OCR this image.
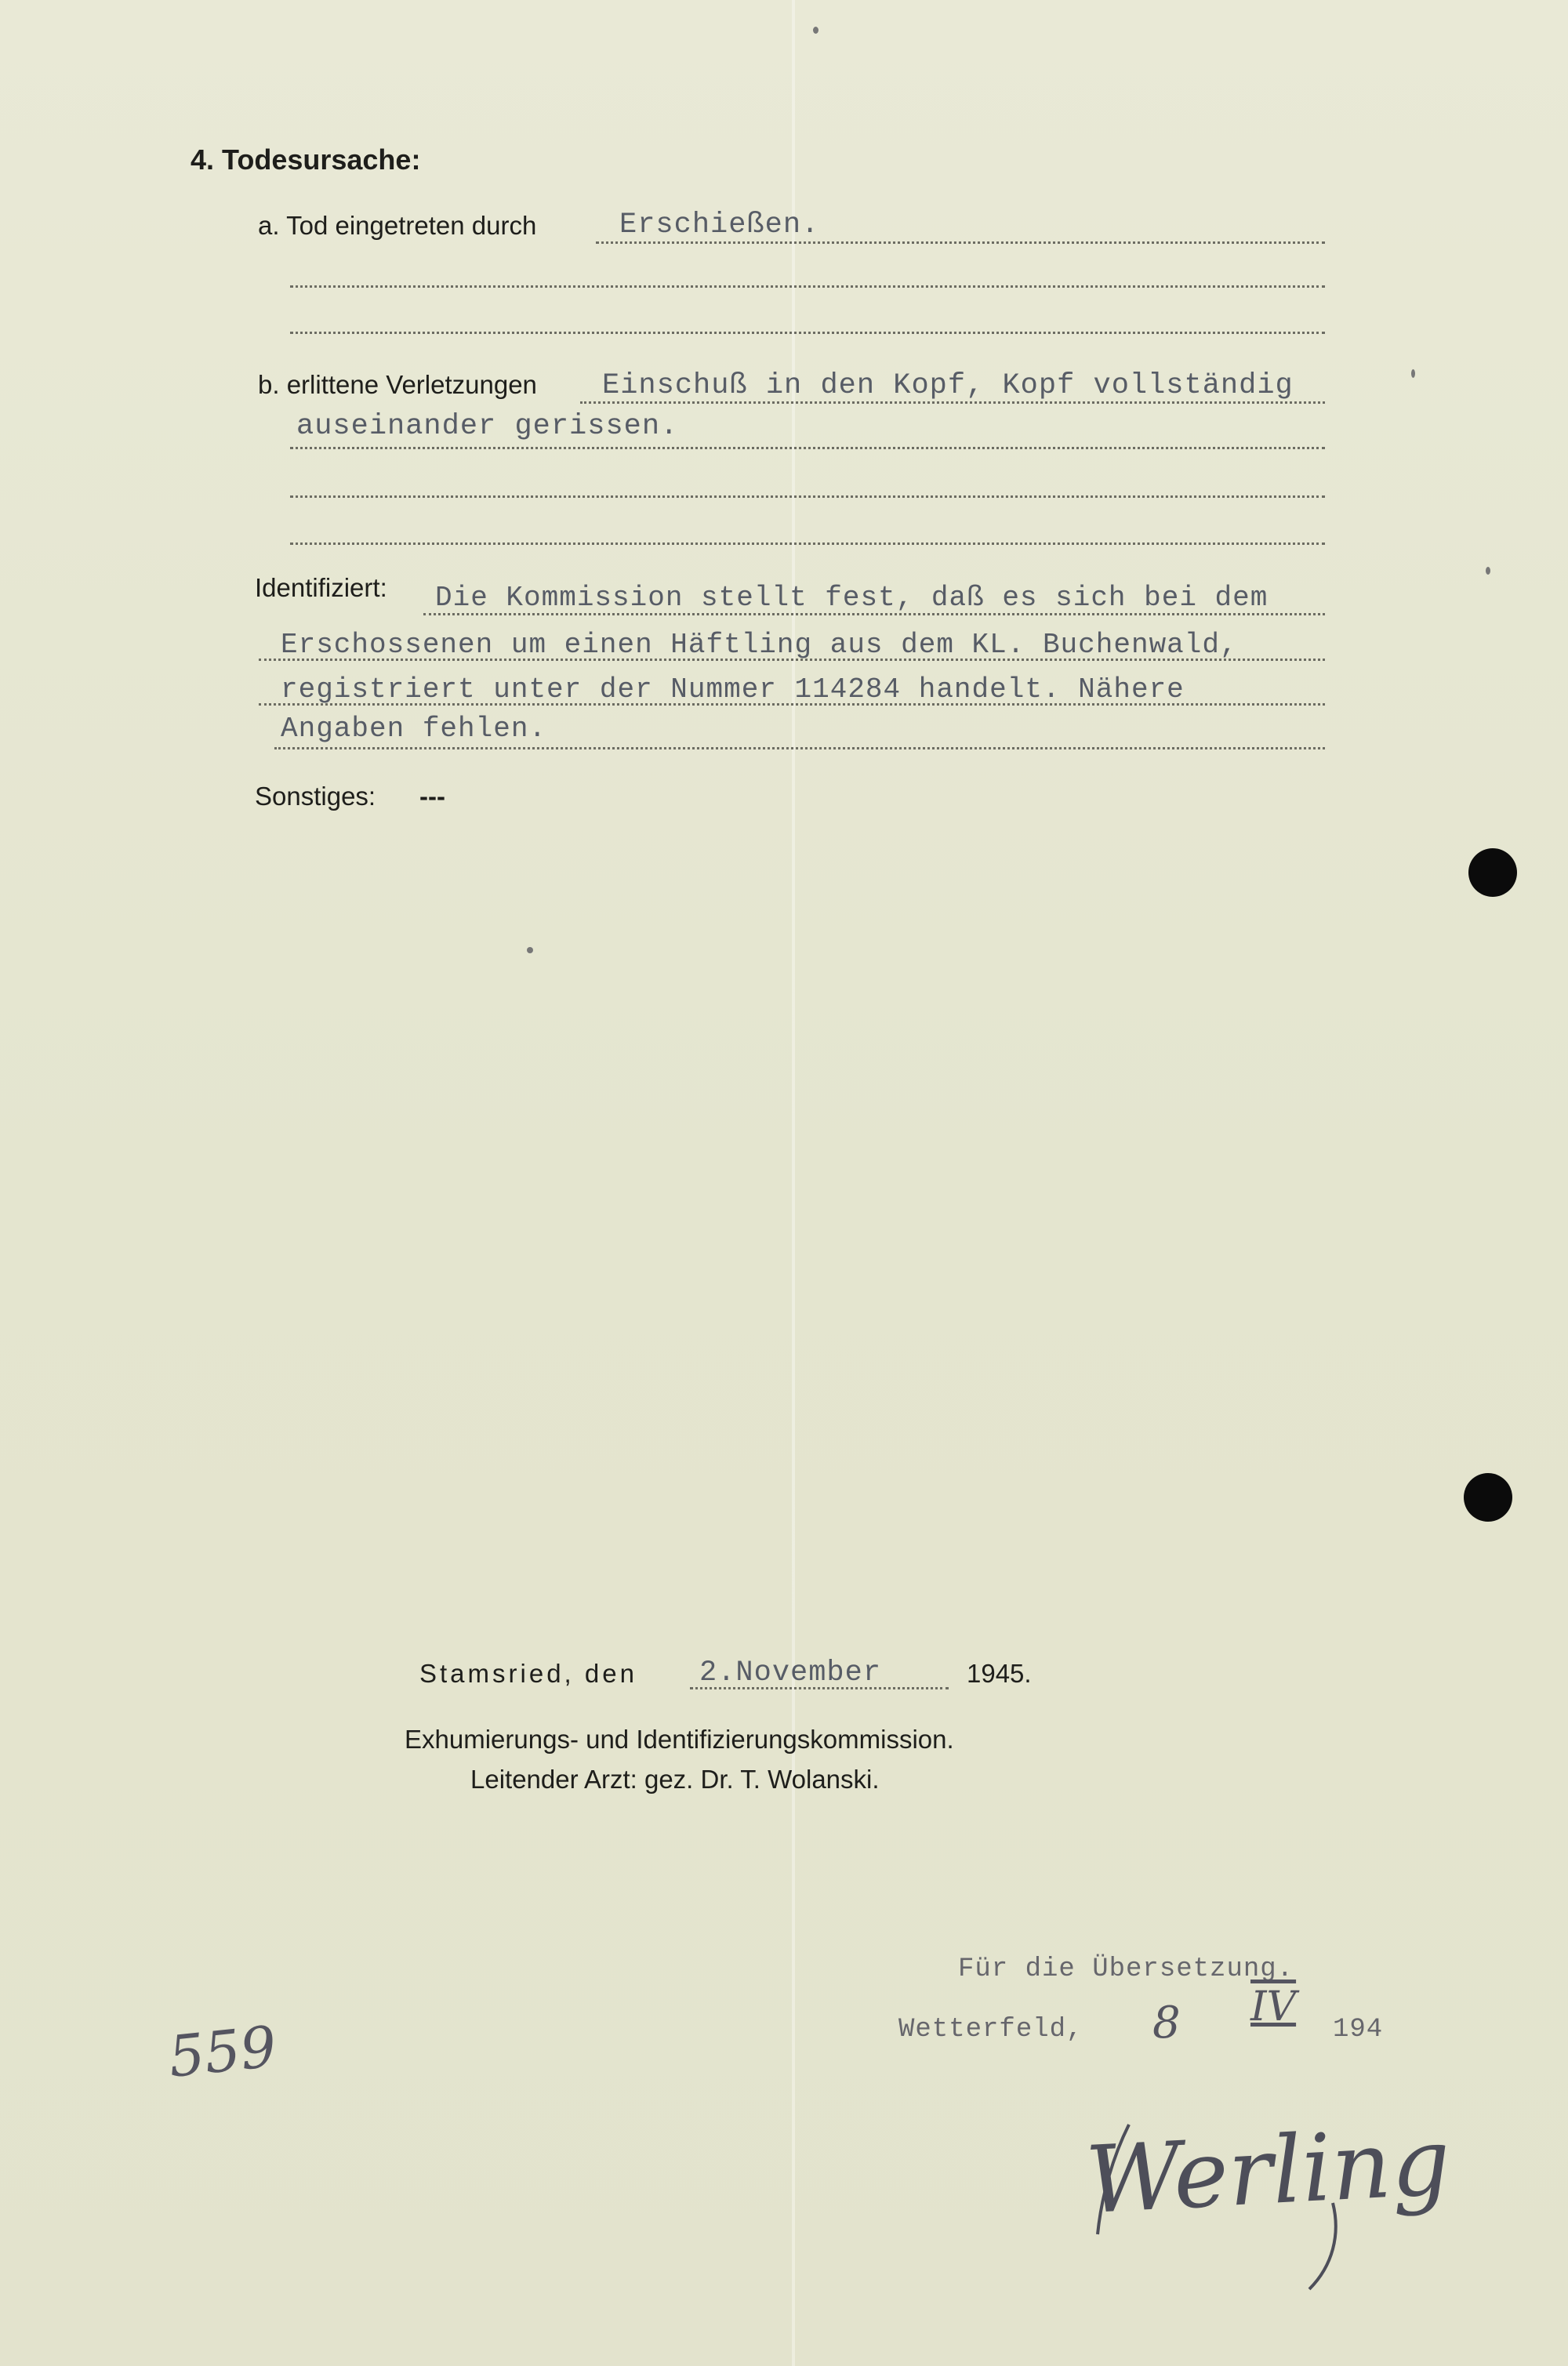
4. Todesursache:
a. Tod eingetreten durch	Erschießen.
b. erlittene Verletzungen Einschuß in den Kopf, Kopf vollständig
auseinander gerissen.
Identifiziert: Die Kommission stellt fest, daß es sich bei dem
Erschossenen um einen Häftling aus dem KL. Buchenwald,
registriert unter der Nummer 114284 handelt. Nähere
Angaben fehlen.
Sonstiges: ---
Stamsried, den 2.November	1945.
Exhumierungs- und Identifizierungskommission.
Leitender Arzt: gez. Dr. T. Wolanski.
Für die Übersetzung.
Wetterfeld, 8 IV 194
559
Werling
